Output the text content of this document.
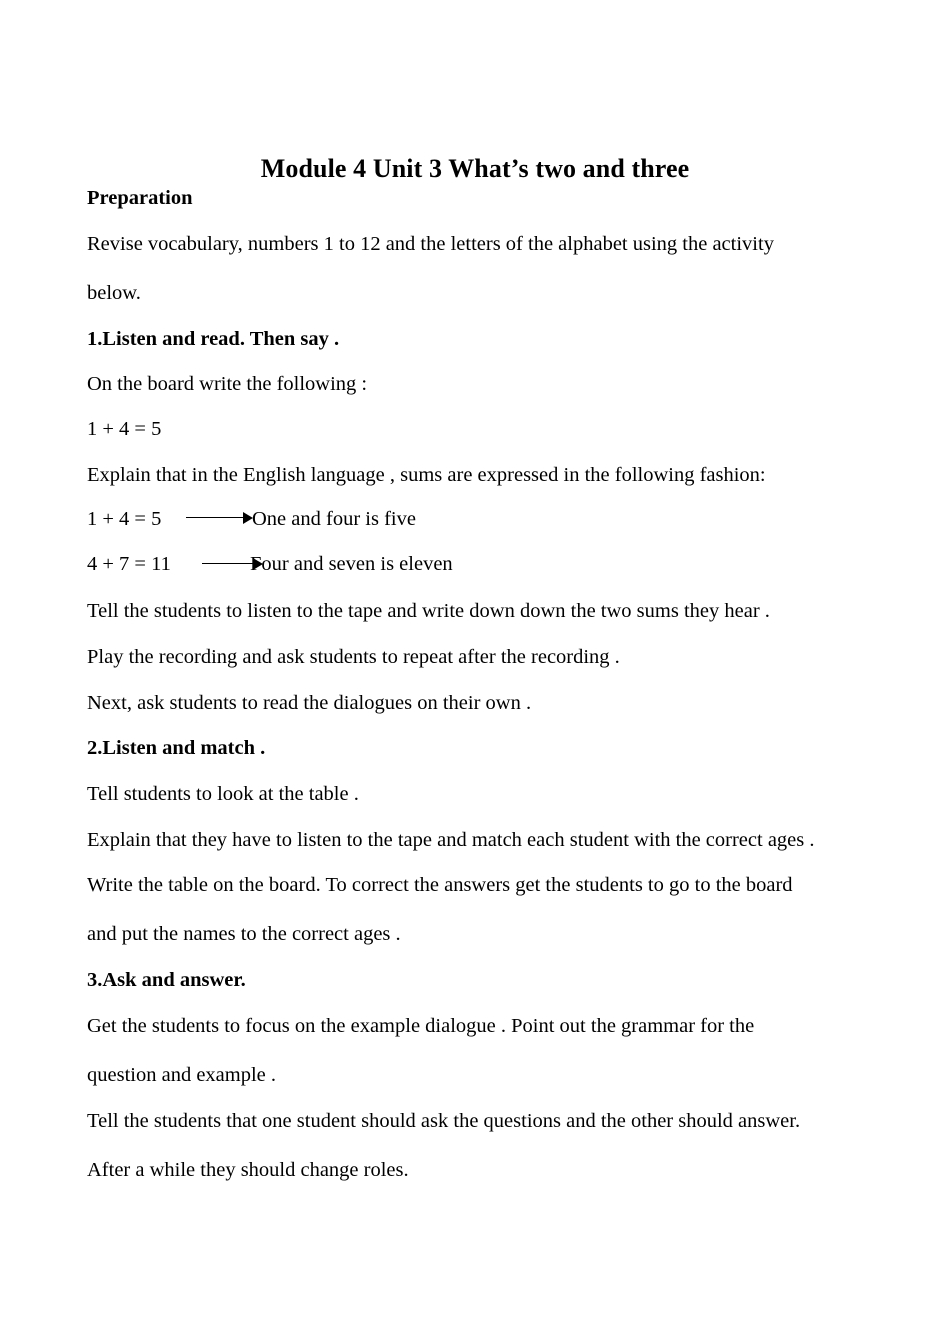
Module 4 Unit 3 What’s two and three
Preparation
Revise vocabulary, numbers 1 to 12 and the letters of the alphabet using the activity
below.
1.Listen and read. Then say .
On the board write the following :
1 + 4 = 5
Explain that in the English language , sums are expressed in the following fashion:
1 + 4 = 5	One and four is five
4 + 7 = 11	Four and seven is eleven
Tell the students to listen to the tape and write down down the two sums they hear .
Play the recording and ask students to repeat after the recording .
Next, ask students to read the dialogues on their own .
2.Listen and match .
Tell students to look at the table .
Explain that they have to listen to the tape and match each student with the correct ages .
Write the table on the board. To correct the answers get the students to go to the board
and put the names to the correct ages .
3.Ask and answer.
Get the students to focus on the example dialogue . Point out the grammar for the
question and example .
Tell the students that one student should ask the questions and the other should answer.
After a while they should change roles.
